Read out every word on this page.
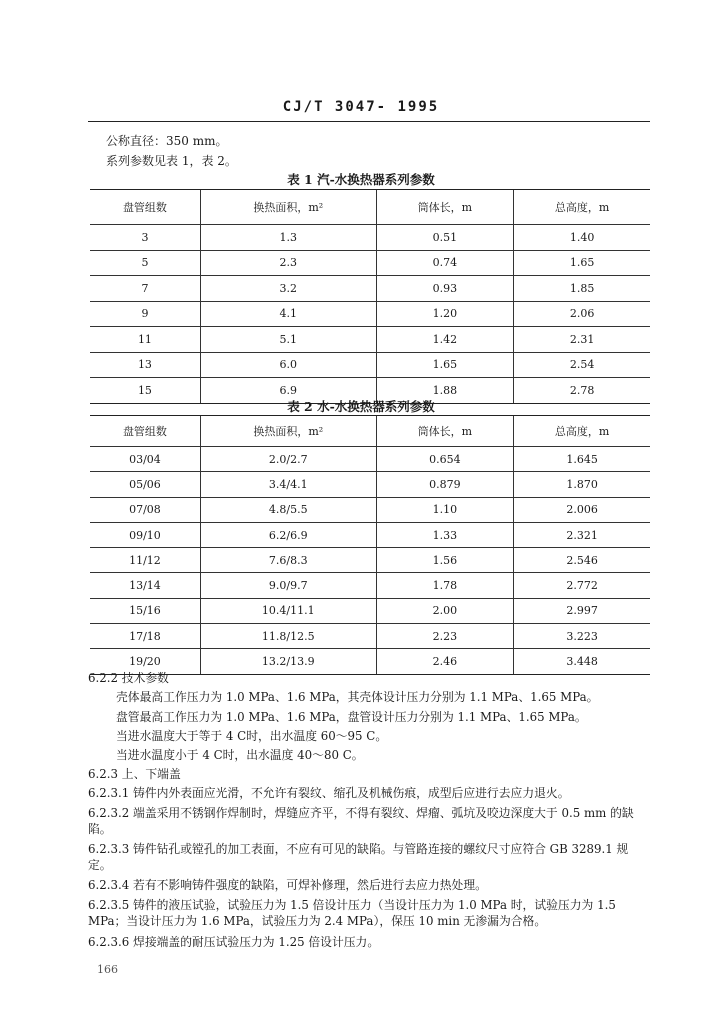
CJ/T 3047- 1995
公称直径：350 mm。
系列参数见表 1，表 2。
表 1 汽-水换热器系列参数
盘管组数	换热面积，m²	筒体长，m	总高度，m
3	1.3	0.51	1.40
5	2.3	0.74	1.65
7	3.2	0.93	1.85
9	4.1	1.20	2.06
11	5.1	1.42	2.31
13	6.0	1.65	2.54
15	6.9	1.88	2.78
表 2 水-水换热器系列参数
盘管组数	换热面积，m²	筒体长，m	总高度，m
03/04	2.0/2.7	0.654	1.645
05/06	3.4/4.1	0.879	1.870
07/08	4.8/5.5	1.10	2.006
09/10	6.2/6.9	1.33	2.321
11/12	7.6/8.3	1.56	2.546
13/14	9.0/9.7	1.78	2.772
15/16	10.4/11.1	2.00	2.997
17/18	11.8/12.5	2.23	3.223
19/20	13.2/13.9	2.46	3.448
6.2.2 技术参数
壳体最高工作压力为 1.0 MPa、1.6 MPa，其壳体设计压力分别为 1.1 MPa、1.65 MPa。
盘管最高工作压力为 1.0 MPa、1.6 MPa，盘管设计压力分别为 1.1 MPa、1.65 MPa。
当进水温度大于等于 4 C时，出水温度 60～95 C。
当进水温度小于 4 C时，出水温度 40～80 C。
6.2.3 上、下端盖
6.2.3.1 铸件内外表面应光滑，不允许有裂纹、缩孔及机械伤痕，成型后应进行去应力退火。
6.2.3.2 端盖采用不锈钢作焊制时，焊缝应齐平，不得有裂纹、焊瘤、弧坑及咬边深度大于 0.5 mm 的缺陷。
6.2.3.3 铸件钻孔或镗孔的加工表面，不应有可见的缺陷。与管路连接的螺纹尺寸应符合 GB 3289.1 规定。
6.2.3.4 若有不影响铸件强度的缺陷，可焊补修理，然后进行去应力热处理。
6.2.3.5 铸件的液压试验，试验压力为 1.5 倍设计压力（当设计压力为 1.0 MPa 时，试验压力为 1.5 MPa；当设计压力为 1.6 MPa，试验压力为 2.4 MPa），保压 10 min 无渗漏为合格。
6.2.3.6 焊接端盖的耐压试验压力为 1.25 倍设计压力。
166
